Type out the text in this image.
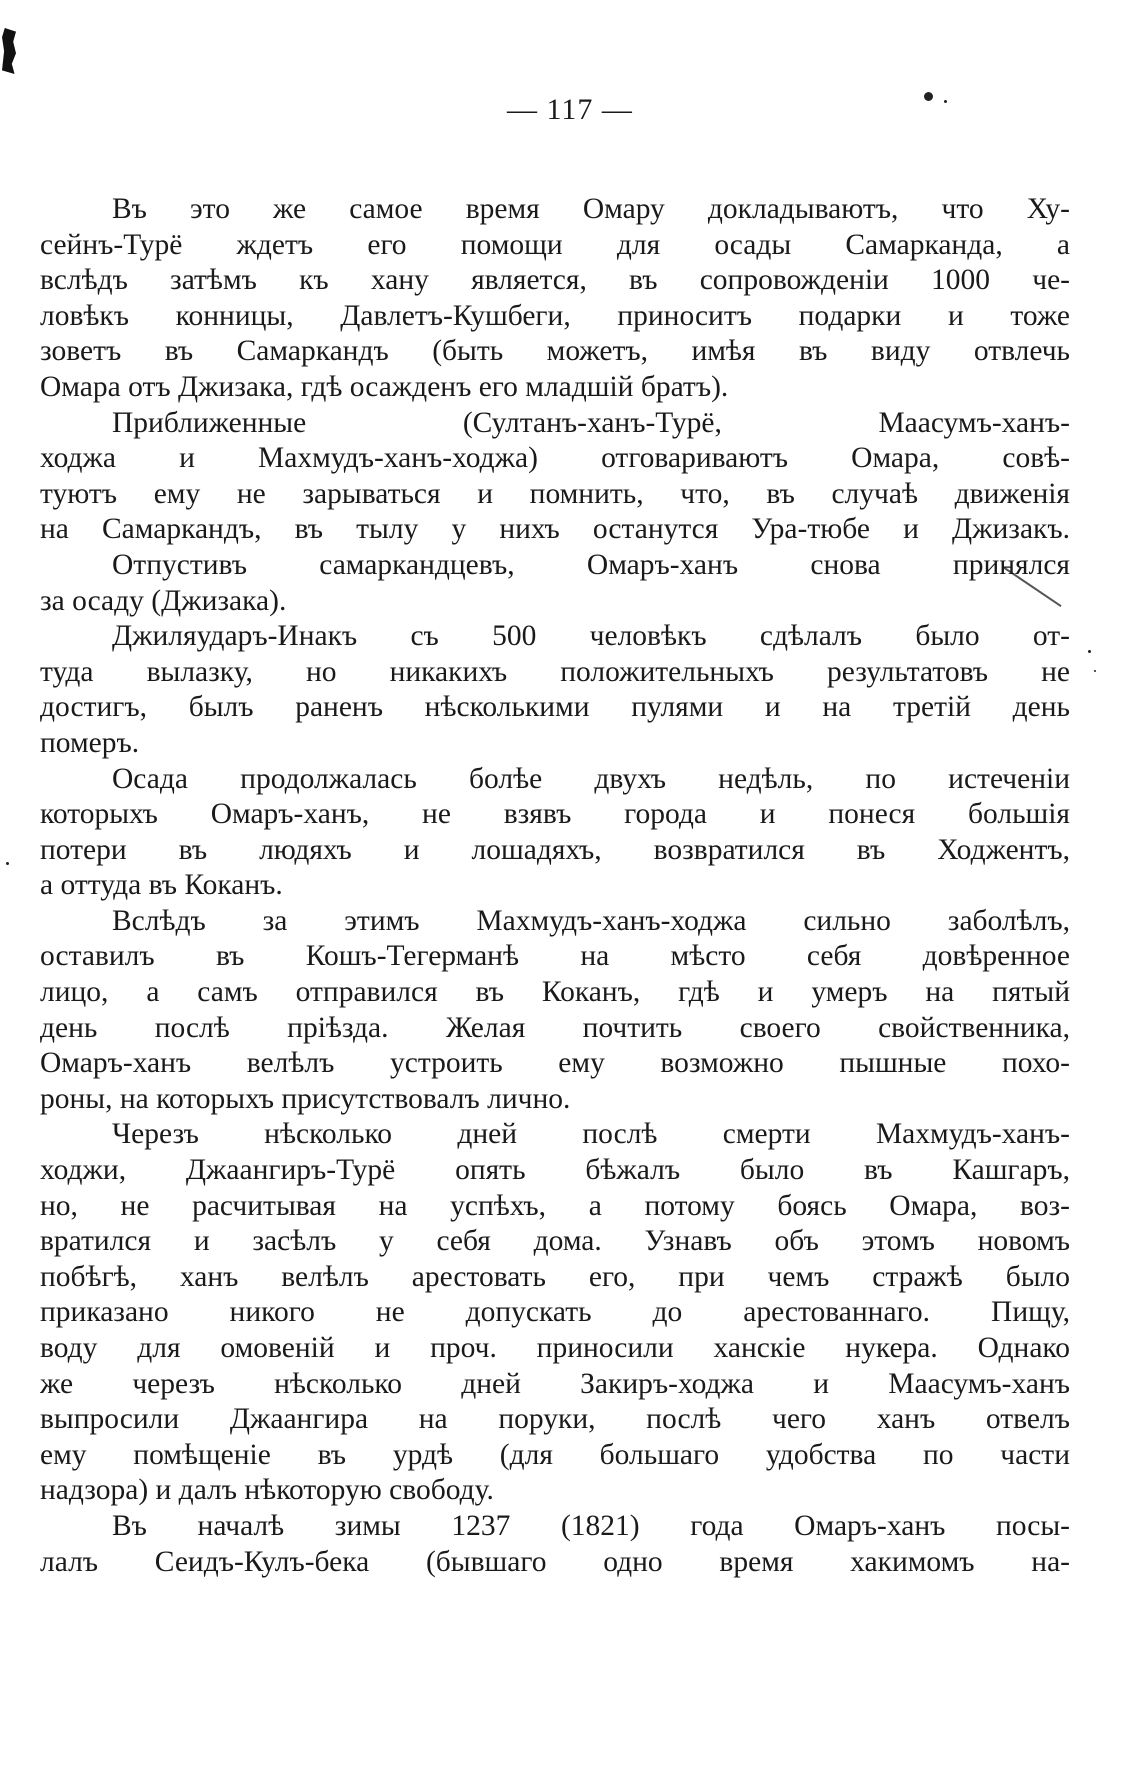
— 117 —
Въ это же самое время Омару докладываютъ, что Ху-
сейнъ-Турё ждетъ его помощи для осады Самарканда, а
вслѣдъ затѣмъ къ хану является, въ сопровожденіи 1000 че-
ловѣкъ конницы, Давлетъ-Кушбеги, приноситъ подарки и тоже
зоветъ въ Самаркандъ (быть можетъ, имѣя въ виду отвлечь
Омара отъ Джизака, гдѣ осажденъ его младшій братъ).
Приближенные (Султанъ-ханъ-Турё, Маасумъ-ханъ-
ходжа и Махмудъ-ханъ-ходжа) отговариваютъ Омара, совѣ-
туютъ ему не зарываться и помнить, что, въ случаѣ движенія
на Самаркандъ, въ тылу у нихъ останутся Ура-тюбе и Джизакъ.
Отпустивъ самаркандцевъ, Омаръ-ханъ снова принялся
за осаду (Джизака).
Джиляударъ-Инакъ съ 500 человѣкъ сдѣлалъ было от-
туда вылазку, но никакихъ положительныхъ результатовъ не
достигъ, былъ раненъ нѣсколькими пулями и на третій день
померъ.
Осада продолжалась болѣе двухъ недѣль, по истеченіи
которыхъ Омаръ-ханъ, не взявъ города и понеся большія
потери въ людяхъ и лошадяхъ, возвратился въ Ходжентъ,
а оттуда въ Коканъ.
Вслѣдъ за этимъ Махмудъ-ханъ-ходжа сильно заболѣлъ,
оставилъ въ Кошъ-Тегерманѣ на мѣсто себя довѣренное
лицо, а самъ отправился въ Коканъ, гдѣ и умеръ на пятый
день послѣ пріѣзда. Желая почтить своего свойственника,
Омаръ-ханъ велѣлъ устроить ему возможно пышные похо-
роны, на которыхъ присутствовалъ лично.
Черезъ нѣсколько дней послѣ смерти Махмудъ-ханъ-
ходжи, Джаангиръ-Турё опять бѣжалъ было въ Кашгаръ,
но, не расчитывая на успѣхъ, а потому боясь Омара, воз-
вратился и засѣлъ у себя дома. Узнавъ объ этомъ новомъ
побѣгѣ, ханъ велѣлъ арестовать его, при чемъ стражѣ было
приказано никого не допускать до арестованнаго. Пищу,
воду для омовеній и проч. приносили ханскіе нукера. Однако
же черезъ нѣсколько дней Закиръ-ходжа и Маасумъ-ханъ
выпросили Джаангира на поруки, послѣ чего ханъ отвелъ
ему помѣщеніе въ урдѣ (для большаго удобства по части
надзора) и далъ нѣкоторую свободу.
Въ началѣ зимы 1237 (1821) года Омаръ-ханъ посы-
лалъ Сеидъ-Кулъ-бека (бывшаго одно время хакимомъ на-
